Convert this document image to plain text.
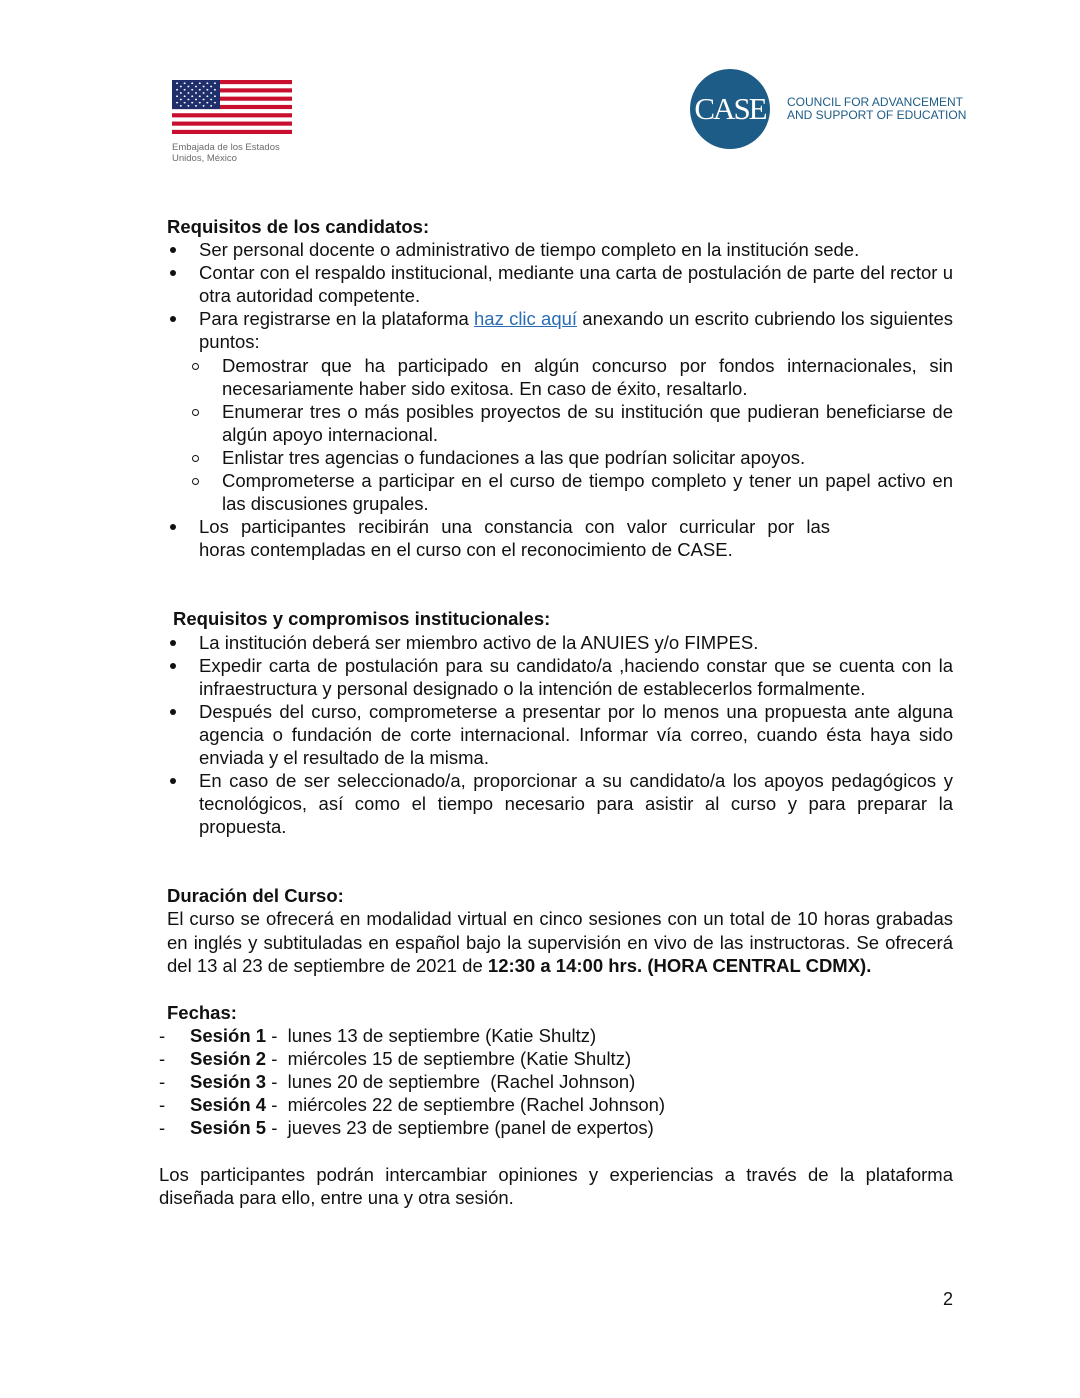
Embajada de los Estados
Unidos, México
CASE COUNCIL FOR ADVANCEMENT
AND SUPPORT OF EDUCATION

Requisitos de los candidatos:

Ser personal docente o administrativo de tiempo completo en la institución sede.
Contar con el respaldo institucional, mediante una carta de postulación de parte del rector u otra autoridad competente.
Para registrarse en la plataforma haz clic aquí anexando un escrito cubriendo los siguientes puntos:
Demostrar que ha participado en algún concurso por fondos internacionales, sin necesariamente haber sido exitosa. En caso de éxito, resaltarlo.
Enumerar tres o más posibles proyectos de su institución que pudieran beneficiarse de algún apoyo internacional.
Enlistar tres agencias o fundaciones a las que podrían solicitar apoyos.
Comprometerse a participar en el curso de tiempo completo y tener un papel activo en las discusiones grupales.
Los participantes recibirán una constancia con valor curricular por las
horas contempladas en el curso con el reconocimiento de CASE.

Requisitos y compromisos institucionales:

La institución deberá ser miembro activo de la ANUIES y/o FIMPES.
Expedir carta de postulación para su candidato/a ,haciendo constar que se cuenta con la infraestructura y personal designado o la intención de establecerlos formalmente.
Después del curso, comprometerse a presentar por lo menos una propuesta ante alguna agencia o fundación de corte internacional. Informar vía correo, cuando ésta haya sido enviada y el resultado de la misma.
En caso de ser seleccionado/a, proporcionar a su candidato/a los apoyos pedagógicos y tecnológicos, así como el tiempo necesario para asistir al curso y para preparar la propuesta.

Duración del Curso:

El curso se ofrecerá en modalidad virtual en cinco sesiones con un total de 10 horas grabadas en inglés y subtituladas en español bajo la supervisión en vivo de las instructoras. Se ofrecerá del 13 al 23 de septiembre de 2021 de 12:30 a 14:00 hrs. (HORA CENTRAL CDMX).

Fechas:

- Sesión 1 -  lunes 13 de septiembre (Katie Shultz)
- Sesión 2 -  miércoles 15 de septiembre (Katie Shultz)
- Sesión 3 -  lunes 20 de septiembre  (Rachel Johnson)
- Sesión 4 -  miércoles 22 de septiembre (Rachel Johnson)
- Sesión 5 -  jueves 23 de septiembre (panel de expertos)

Los participantes podrán intercambiar opiniones y experiencias a través de la plataforma diseñada para ello, entre una y otra sesión.

2
